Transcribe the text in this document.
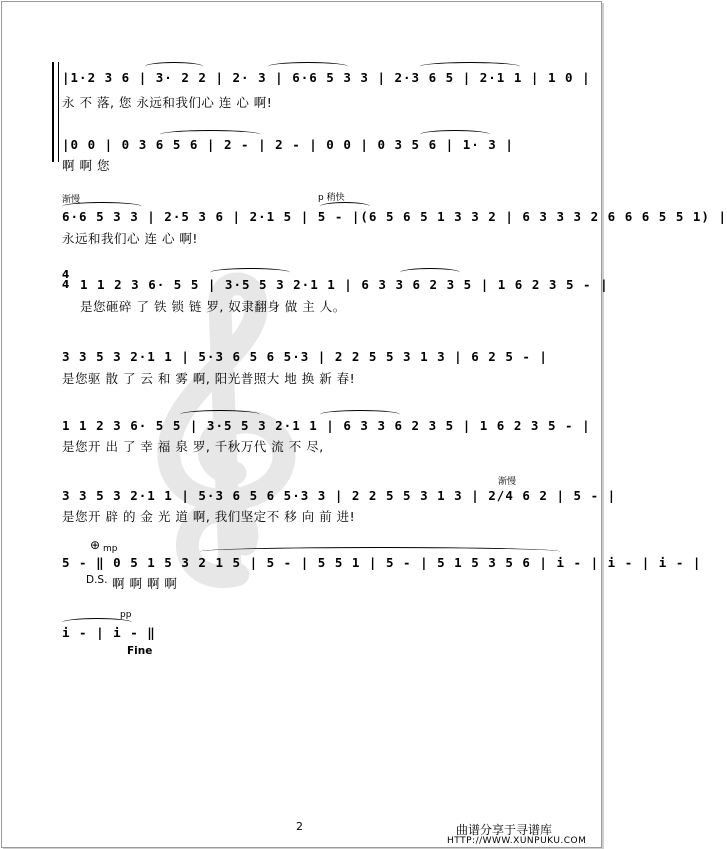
|1·2 3 6 | 3· 2 2 | 2· 3 | 6·6 5 3 3 | 2·3 6 5 | 2·1 1 | 1 0 |
永 不 落, 您 永远和我们心 连 心 啊!
|0 0 | 0 3 6 5 6 | 2 - | 2 - | 0 0 | 0 3 5 6 | 1· 3 |
啊 啊 您
渐慢	p 稍快
6·6 5 3 3 | 2·5 3 6 | 2·1 5 | 5 - |(6 5 6 5 1 3 3 2 | 6 3 3 3 2 6 6 6 5 5 1) |
永远和我们心 连 心 啊!
4
4 1 1 2 3 6· 5 5 | 3·5 5 3 2·1 1 | 6 3 3 6 2 3 5 | 1 6 2 3 5 - |
是您砸碎 了 铁 锁 链 罗, 奴隶翻身 做 主 人。
3 3 5 3 2·1 1 | 5·3 6 5 6 5·3 | 2 2 5 5 3 1 3 | 6 2 5 - |
是您驱 散 了 云 和 雾 啊, 阳光普照大 地 换 新 春!
1 1 2 3 6· 5 5 | 3·5 5 3 2·1 1 | 6 3 3 6 2 3 5 | 1 6 2 3 5 - |
是您开 出 了 幸 福 泉 罗, 千秋万代 流 不 尽,
渐慢
3 3 5 3 2·1 1 | 5·3 6 5 6 5·3 3 | 2 2 5 5 3 1 3 | 2/4 6 2 | 5 - |
是您开 辟 的 金 光 道 啊, 我们坚定不 移 向 前 进!
⊕ mp
5 - ‖ 0 5 1 5 3 2 1 5 | 5 - | 5 5 1 | 5 - | 5 1 5 3 5 6 | i - | i - | i - |
D.S. 啊 啊 啊 啊
pp
i - | i - ‖
Fine
2	曲谱分享于寻谱库
HTTP://WWW.XUNPUKU.COM
